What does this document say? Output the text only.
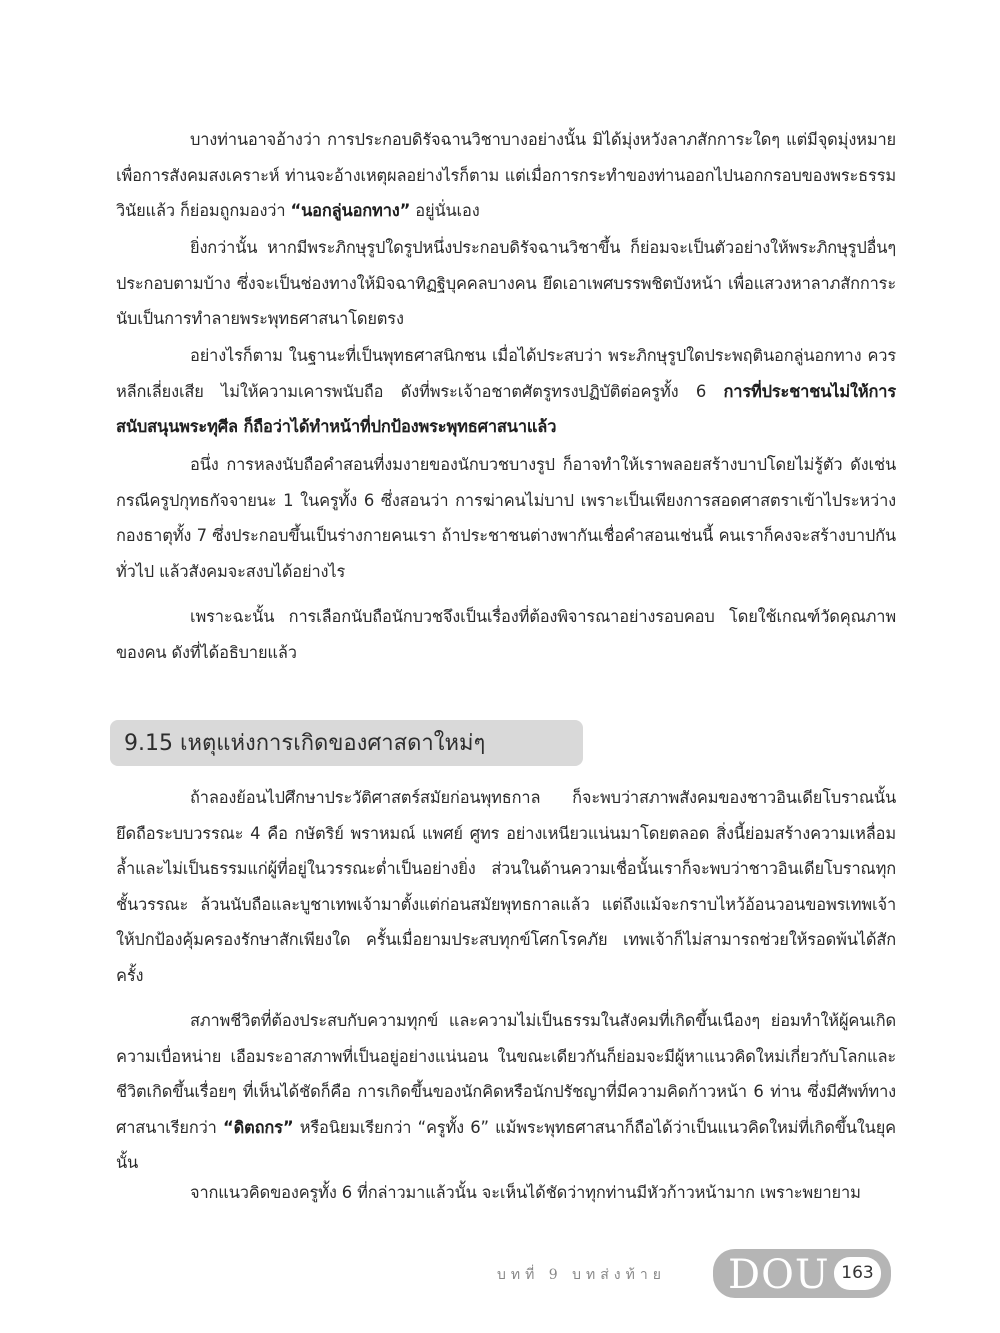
บางท่านอาจอ้างว่า การประกอบดิรัจฉานวิชาบางอย่างนั้น มิได้มุ่งหวังลาภสักการะใดๆ แต่มีจุดมุ่งหมายเพื่อการสังคมสงเคราะห์ ท่านจะอ้างเหตุผลอย่างไรก็ตาม แต่เมื่อการกระทำของท่านออกไปนอกกรอบของพระธรรมวินัยแล้ว ก็ย่อมถูกมองว่า “นอกลู่นอกทาง” อยู่นั่นเอง

ยิ่งกว่านั้น หากมีพระภิกษุรูปใดรูปหนึ่งประกอบดิรัจฉานวิชาขึ้น ก็ย่อมจะเป็นตัวอย่างให้พระภิกษุรูปอื่นๆ ประกอบตามบ้าง ซึ่งจะเป็นช่องทางให้มิจฉาทิฏฐิบุคคลบางคน ยึดเอาเพศบรรพชิตบังหน้า เพื่อแสวงหาลาภสักการะ นับเป็นการทำลายพระพุทธศาสนาโดยตรง

อย่างไรก็ตาม ในฐานะที่เป็นพุทธศาสนิกชน เมื่อได้ประสบว่า พระภิกษุรูปใดประพฤตินอกลู่นอกทาง ควรหลีกเลี่ยงเสีย ไม่ให้ความเคารพนับถือ ดังที่พระเจ้าอชาตศัตรูทรงปฏิบัติต่อครูทั้ง 6 การที่ประชาชนไม่ให้การสนับสนุนพระทุศีล ก็ถือว่าได้ทำหน้าที่ปกป้องพระพุทธศาสนาแล้ว

อนึ่ง การหลงนับถือคำสอนที่งมงายของนักบวชบางรูป ก็อาจทำให้เราพลอยสร้างบาปโดยไม่รู้ตัว ดังเช่น กรณีครูปกุทธกัจจายนะ 1 ในครูทั้ง 6 ซึ่งสอนว่า การฆ่าคนไม่บาป เพราะเป็นเพียงการสอดศาสตราเข้าไประหว่างกองธาตุทั้ง 7 ซึ่งประกอบขึ้นเป็นร่างกายคนเรา ถ้าประชาชนต่างพากันเชื่อคำสอนเช่นนี้ คนเราก็คงจะสร้างบาปกันทั่วไป แล้วสังคมจะสงบได้อย่างไร

เพราะฉะนั้น การเลือกนับถือนักบวชจึงเป็นเรื่องที่ต้องพิจารณาอย่างรอบคอบ โดยใช้เกณฑ์วัดคุณภาพของคน ดังที่ได้อธิบายแล้ว

9.15 เหตุแห่งการเกิดของศาสดาใหม่ๆ

ถ้าลองย้อนไปศึกษาประวัติศาสตร์สมัยก่อนพุทธกาล ก็จะพบว่าสภาพสังคมของชาวอินเดียโบราณนั้น ยึดถือระบบวรรณะ 4 คือ กษัตริย์ พราหมณ์ แพศย์ ศูทร อย่างเหนียวแน่นมาโดยตลอด สิ่งนี้ย่อมสร้างความเหลื่อมล้ำและไม่เป็นธรรมแก่ผู้ที่อยู่ในวรรณะต่ำเป็นอย่างยิ่ง ส่วนในด้านความเชื่อนั้นเราก็จะพบว่าชาวอินเดียโบราณทุกชั้นวรรณะ ล้วนนับถือและบูชาเทพเจ้ามาตั้งแต่ก่อนสมัยพุทธกาลแล้ว แต่ถึงแม้จะกราบไหว้อ้อนวอนขอพรเทพเจ้า ให้ปกป้องคุ้มครองรักษาสักเพียงใด ครั้นเมื่อยามประสบทุกข์โศกโรคภัย เทพเจ้าก็ไม่สามารถช่วยให้รอดพ้นได้สักครั้ง

สภาพชีวิตที่ต้องประสบกับความทุกข์ และความไม่เป็นธรรมในสังคมที่เกิดขึ้นเนืองๆ ย่อมทำให้ผู้คนเกิดความเบื่อหน่าย เอือมระอาสภาพที่เป็นอยู่อย่างแน่นอน ในขณะเดียวกันก็ย่อมจะมีผู้หาแนวคิดใหม่เกี่ยวกับโลกและชีวิตเกิดขึ้นเรื่อยๆ ที่เห็นได้ชัดก็คือ การเกิดขึ้นของนักคิดหรือนักปรัชญาที่มีความคิดก้าวหน้า 6 ท่าน ซึ่งมีศัพท์ทางศาสนาเรียกว่า “ดิตถกร” หรือนิยมเรียกว่า “ครูทั้ง 6” แม้พระพุทธศาสนาก็ถือได้ว่าเป็นแนวคิดใหม่ที่เกิดขึ้นในยุคนั้น

จากแนวคิดของครูทั้ง 6 ที่กล่าวมาแล้วนั้น จะเห็นได้ชัดว่าทุกท่านมีหัวก้าวหน้ามาก เพราะพยายาม

บทที่ 9 บทส่งท้าย DOU 163
